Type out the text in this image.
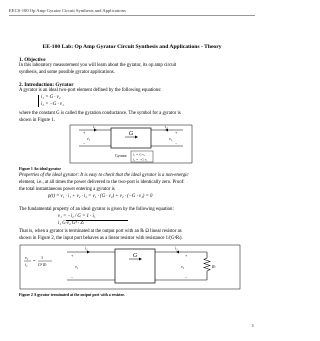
EECS-100 Op Amp Gyrator Circuit Synthesis and Applications
EE-100 Lab: Op Amp Gyrator Circuit Synthesis and Applications - Theory
1. Objective
In this laboratory measurement you will learn about the gyrator, its op amp circuit
synthesis, and some possible gyrator applications.
2. Introduction: Gyrator
A gyrator is an ideal two-port element defined by the following equations:
i₁ = G · v₂
i₂ = −G · v₁
where the constant G is called the gyration conductance. The symbol for a gyrator is
shown in Figure 1.
G
i₁	i₂
+
−
v₁
+
−
v₂
Gyrator i₁ = G v₂
i₂ = −G v₁
Figure 1 An ideal gyrator
Properties of the ideal gyrator: It is easy to check that the ideal gyrator is a non-energic
element, i.e., at all times the power delivered to the two-port is identically zero. Proof:
the total instantaneous power entering a gyrator is
p(t) = v₁ · i₁ + v₂ · i₂ = v₁ · (G · v₂) + v₂ · (−G · v₁) = 0
The fundamental property of an ideal gyrator is given by the following equation:
v₁ = −i₂ / G = 1 · i₁
i₁ G·v₂ G² · Zₗ
That is, when a gyrator is terminated at the output port with an Rₗ Ω linear resistor as
shown in Figure 2, the input port behaves as a linear resistor with resistance 1/(G²Rₗ).
v₁
i₁
=
1
G² Rₗ
i₁	i₂
+
−
v₁
G	+
−
v₂	Rₗ
Figure 2 A gyrator terminated at the output port with a resistor.
1
